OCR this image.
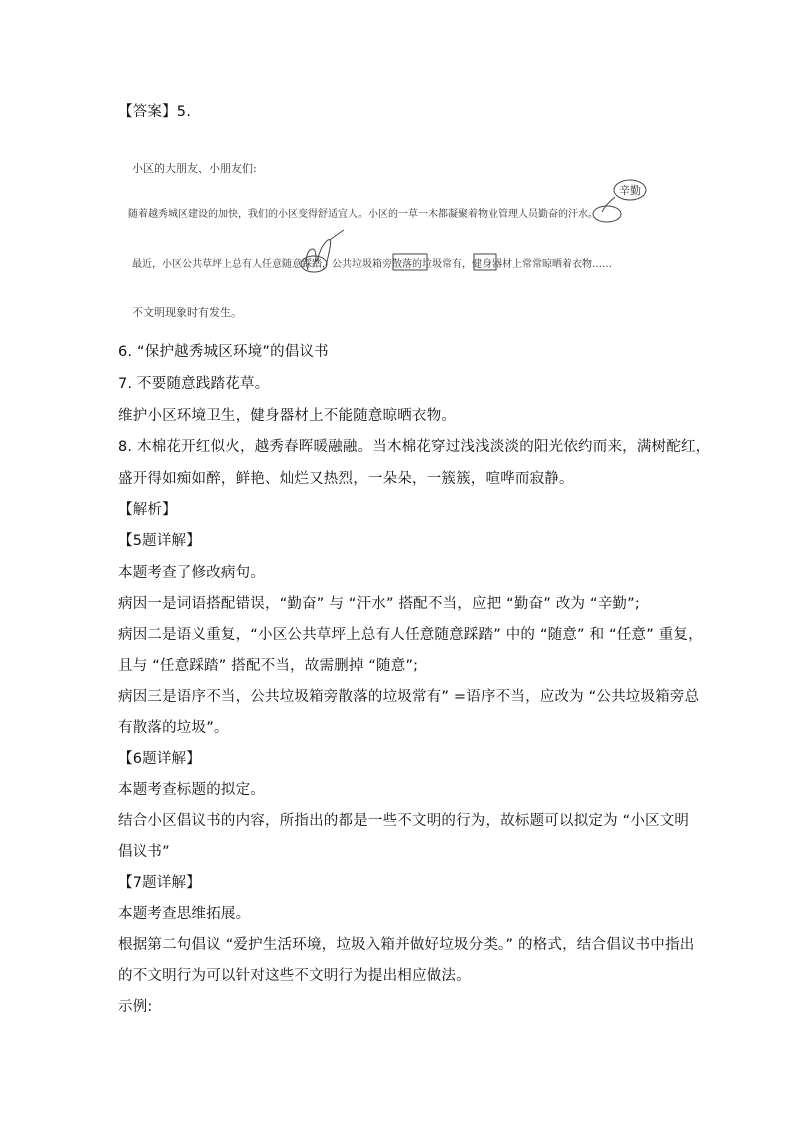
【答案】5.
小区的大朋友、小朋友们:
随着越秀城区建设的加快，我们的小区变得舒适宜人。小区的一草一木都凝聚着物业管理人员勤奋的汗水。
最近，小区公共草坪上总有人任意随意踩踏，公共垃圾箱旁散落的垃圾常有，健身器材上常常晾晒着衣物……
不文明现象时有发生。
辛勤
6. “保护越秀城区环境”的倡议书
7. 不要随意践踏花草。
维护小区环境卫生，健身器材上不能随意晾晒衣物。
8. 木棉花开红似火，越秀春晖暖融融。当木棉花穿过浅浅淡淡的阳光依约而来，满树酡红，
盛开得如痴如醉，鲜艳、灿烂又热烈，一朵朵，一簇簇，喧哗而寂静。
【解析】
【5题详解】
本题考查了修改病句。
病因一是词语搭配错误，“勤奋” 与 “汗水” 搭配不当，应把 “勤奋” 改为 “辛勤”;
病因二是语义重复，“小区公共草坪上总有人任意随意踩踏” 中的 “随意” 和 “任意” 重复，
且与 “任意踩踏” 搭配不当，故需删掉 “随意”;
病因三是语序不当，公共垃圾箱旁散落的垃圾常有” =语序不当，应改为 “公共垃圾箱旁总
有散落的垃圾”。
【6题详解】
本题考查标题的拟定。
结合小区倡议书的内容，所指出的都是一些不文明的行为，故标题可以拟定为 “小区文明
倡议书”
【7题详解】
本题考查思维拓展。
根据第二句倡议 “爱护生活环境，垃圾入箱并做好垃圾分类。” 的格式，结合倡议书中指出
的不文明行为可以针对这些不文明行为提出相应做法。
示例:
